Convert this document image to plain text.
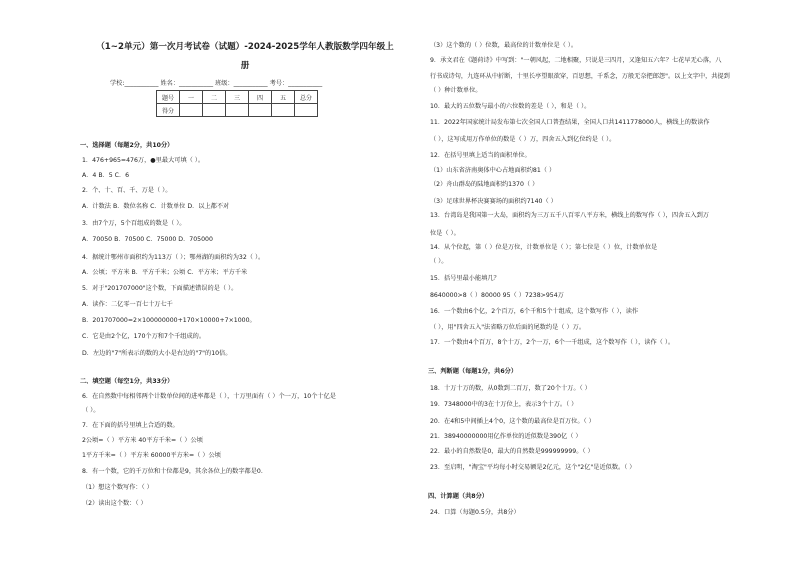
（1~2单元）第一次月考试卷（试题）-2024-2025学年人教版数学四年级上
册
学校:___________ 姓名：___________ 班级：___________ 考号：___________
题号	一	二	三	四	五	总分
得分						
一、选择题（每题2分，共10分）
1．476+965=476万，●里最大可填（ ）。
A．4 B．5 C．6
2．个、十、百、千、万是（ ）。
A．计数法 B．数位名称 C．计数单位 D．以上都不对
3．由7个万，5个百组成的数是（ ）。
A．70050 B．70500 C．75000 D．705000
4．据统计鄂州市面积约为113万（ ）；鄂州湖的面积约为32（ ）。
A．公顷；平方米 B．平方千米；公顷 C．平方米；平方千米
5．对于"201707000"这个数，下面描述错误的是（ ）。
A．读作：二亿零一百七十万七千
B．201707000=2×100000000+170×10000+7×1000。
C．它是由2个亿，170个万和7个千组成的。
D．左边的"7"所表示的数的大小是右边的"7"的10倍。
二、填空题（每空1分，共33分）
6．在自然数中每相邻两个计数单位间的进率都是（ ），十万里面有（ ）个一万，10个十亿是
（ ）。
7．在下面的括号里填上合适的数。
2公顷=（ ）平方米 40平方千米=（ ）公顷
1平方千米=（ ）平方米 60000平方米=（ ）公顷
8．有一个数，它的千万位和十位都是9，其余各位上的数字都是0.
（1）想这个数写作：（ ）
（2）读出这个数：（ ）
（3）这个数的（ ）位数，最高位的计数单位是（ ）。
9．承文君在《题荷诗》中写到："一朝风起，二地相聚，只说是三四月，又逢知五六年？七花早无心落，八
行书成诗句，九连环从中折断，十里长亭望眼欲穿，百思想，千系念，万般无奈把郎怨"。以上文字中，共提到
（ ）种计数单位。
10．最大的五位数与最小的六位数的差是（ ），和是（ ）。
11．2022年国家统计局发布第七次全国人口普查结果，全国人口共1411778000人，横线上的数读作
（ ），这写成用万作单位的数是（ ）万，四舍五入到亿位约是（ ）。
12．在括号里填上适当的面积单位。
（1）山东省济南奥体中心占地面积约81（ ）
（2）舟山群岛的陆地面积约1370（ ）
（3）足球世界杯决赛赛场的面积约7140（ ）
13．台湾岛是我国第一大岛，面积约为三万五千八百零八平方米，横线上的数写作（ ），四舍五入到万
位是（ ）。
14．从个位起，第（ ）位是万位，计数单位是（ ）；第七位是（ ）位，计数单位是
（ ）。
15．括号里最小能填几？
8640000>8（ ）80000 95（ ）7238>954万
16．一个数由6个亿，2个百万，6个千和5个十组成，这个数写作（ ），读作
（ ），用"四舍五入"法省略万位后面的尾数约是（ ）万。
17．一个数由4个百万，8个十万，2个一万，6个一千组成，这个数写作（ ），读作（ ）。
三、判断题（每题1分，共6分）
18．十万十万的数，从0数到二百万，数了20个十万。（ ）
19．7348000中的3在十万位上，表示3个十万。（ ）
20．在4和5中间插上4个0，这个数的最高位是百万位。（ ）
21．38940000000用亿作单位的近似数是390亿（ ）
22．最小的自然数是0，最大的自然数是999999999。（ ）
23．至启明，"淘宝"平均每小时交易额是2亿元，这个"2亿"是近似数。（ ）
四、计算题（共8分）
24．口算（每题0.5分，共8分）
